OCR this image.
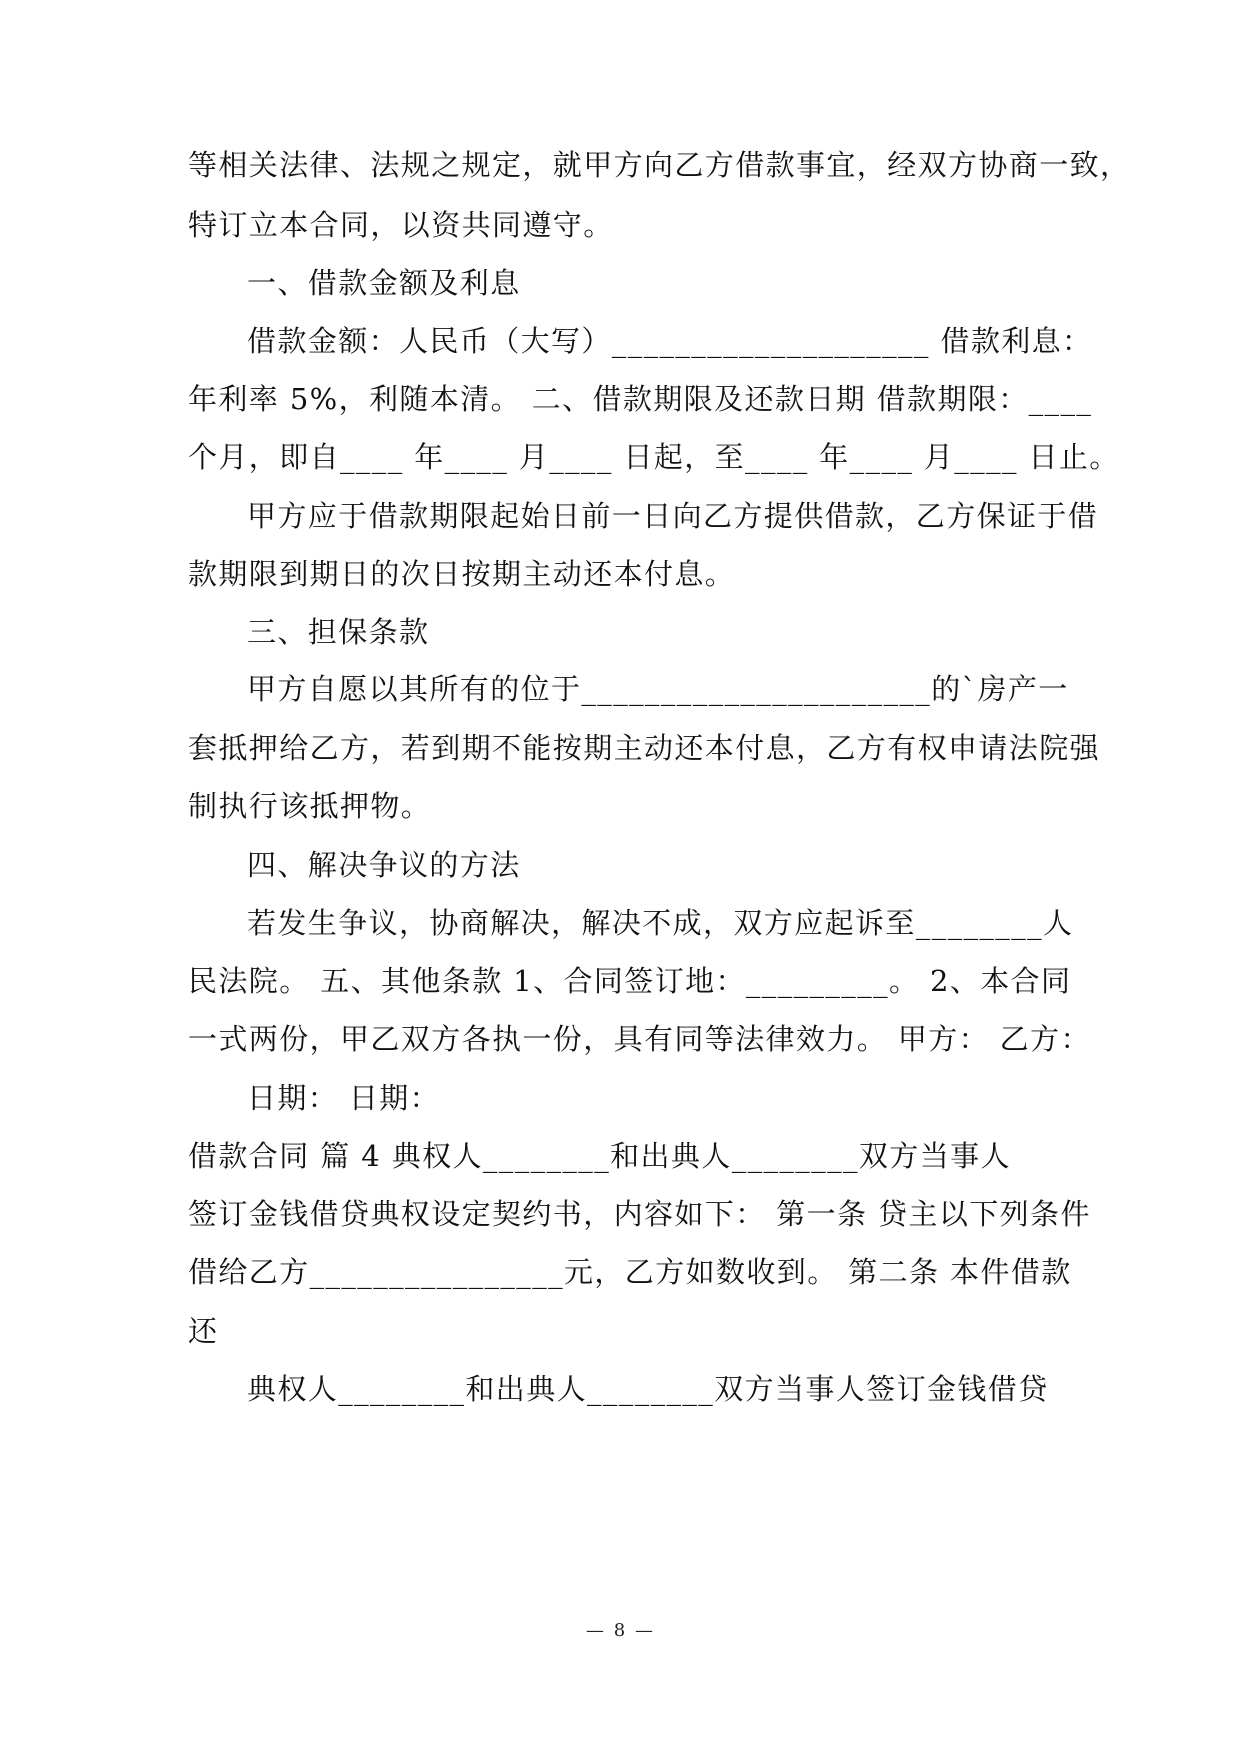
等相关法律、法规之规定，就甲方向乙方借款事宜，经双方协商一致，
特订立本合同，以资共同遵守。
一、借款金额及利息
借款金额：人民币（大写）____________________ 借款利息：
年利率 5%，利随本清。 二、借款期限及还款日期 借款期限：____
个月，即自____ 年____ 月____ 日起，至____ 年____ 月____ 日止。
甲方应于借款期限起始日前一日向乙方提供借款，乙方保证于借
款期限到期日的次日按期主动还本付息。
三、担保条款
甲方自愿以其所有的位于______________________的`房产一
套抵押给乙方，若到期不能按期主动还本付息，乙方有权申请法院强
制执行该抵押物。
四、解决争议的方法
若发生争议，协商解决，解决不成，双方应起诉至________人
民法院。 五、其他条款 1、合同签订地：_________。 2、本合同
一式两份，甲乙双方各执一份，具有同等法律效力。 甲方： 乙方：
日期： 日期：
借款合同 篇 4 典权人________和出典人________双方当事人
签订金钱借贷典权设定契约书，内容如下： 第一条 贷主以下列条件
借给乙方________________元，乙方如数收到。 第二条 本件借款
还
典权人________和出典人________双方当事人签订金钱借贷
— 8 —
